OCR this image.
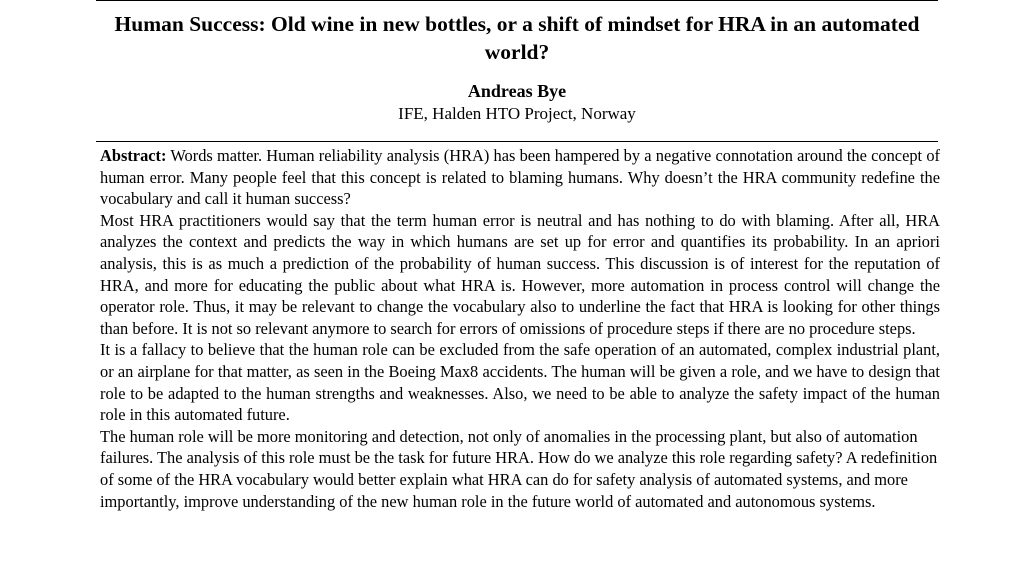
Human Success: Old wine in new bottles, or a shift of mindset for HRA in an automated world?
Andreas Bye
IFE, Halden HTO Project, Norway

Abstract: Words matter. Human reliability analysis (HRA) has been hampered by a negative connotation around the concept of human error. Many people feel that this concept is related to blaming humans. Why doesn’t the HRA community redefine the vocabulary and call it human success?

Most HRA practitioners would say that the term human error is neutral and has nothing to do with blaming. After all, HRA analyzes the context and predicts the way in which humans are set up for error and quantifies its probability. In an apriori analysis, this is as much a prediction of the probability of human success. This discussion is of interest for the reputation of HRA, and more for educating the public about what HRA is. However, more automation in process control will change the operator role. Thus, it may be relevant to change the vocabulary also to underline the fact that HRA is looking for other things than before. It is not so relevant anymore to search for errors of omissions of procedure steps if there are no procedure steps.

It is a fallacy to believe that the human role can be excluded from the safe operation of an automated, complex industrial plant, or an airplane for that matter, as seen in the Boeing Max8 accidents. The human will be given a role, and we have to design that role to be adapted to the human strengths and weaknesses. Also, we need to be able to analyze the safety impact of the human role in this automated future.

The human role will be more monitoring and detection, not only of anomalies in the processing plant, but also of automation failures. The analysis of this role must be the task for future HRA. How do we analyze this role regarding safety? A redefinition of some of the HRA vocabulary would better explain what HRA can do for safety analysis of automated systems, and more importantly, improve understanding of the new human role in the future world of automated and autonomous systems.
